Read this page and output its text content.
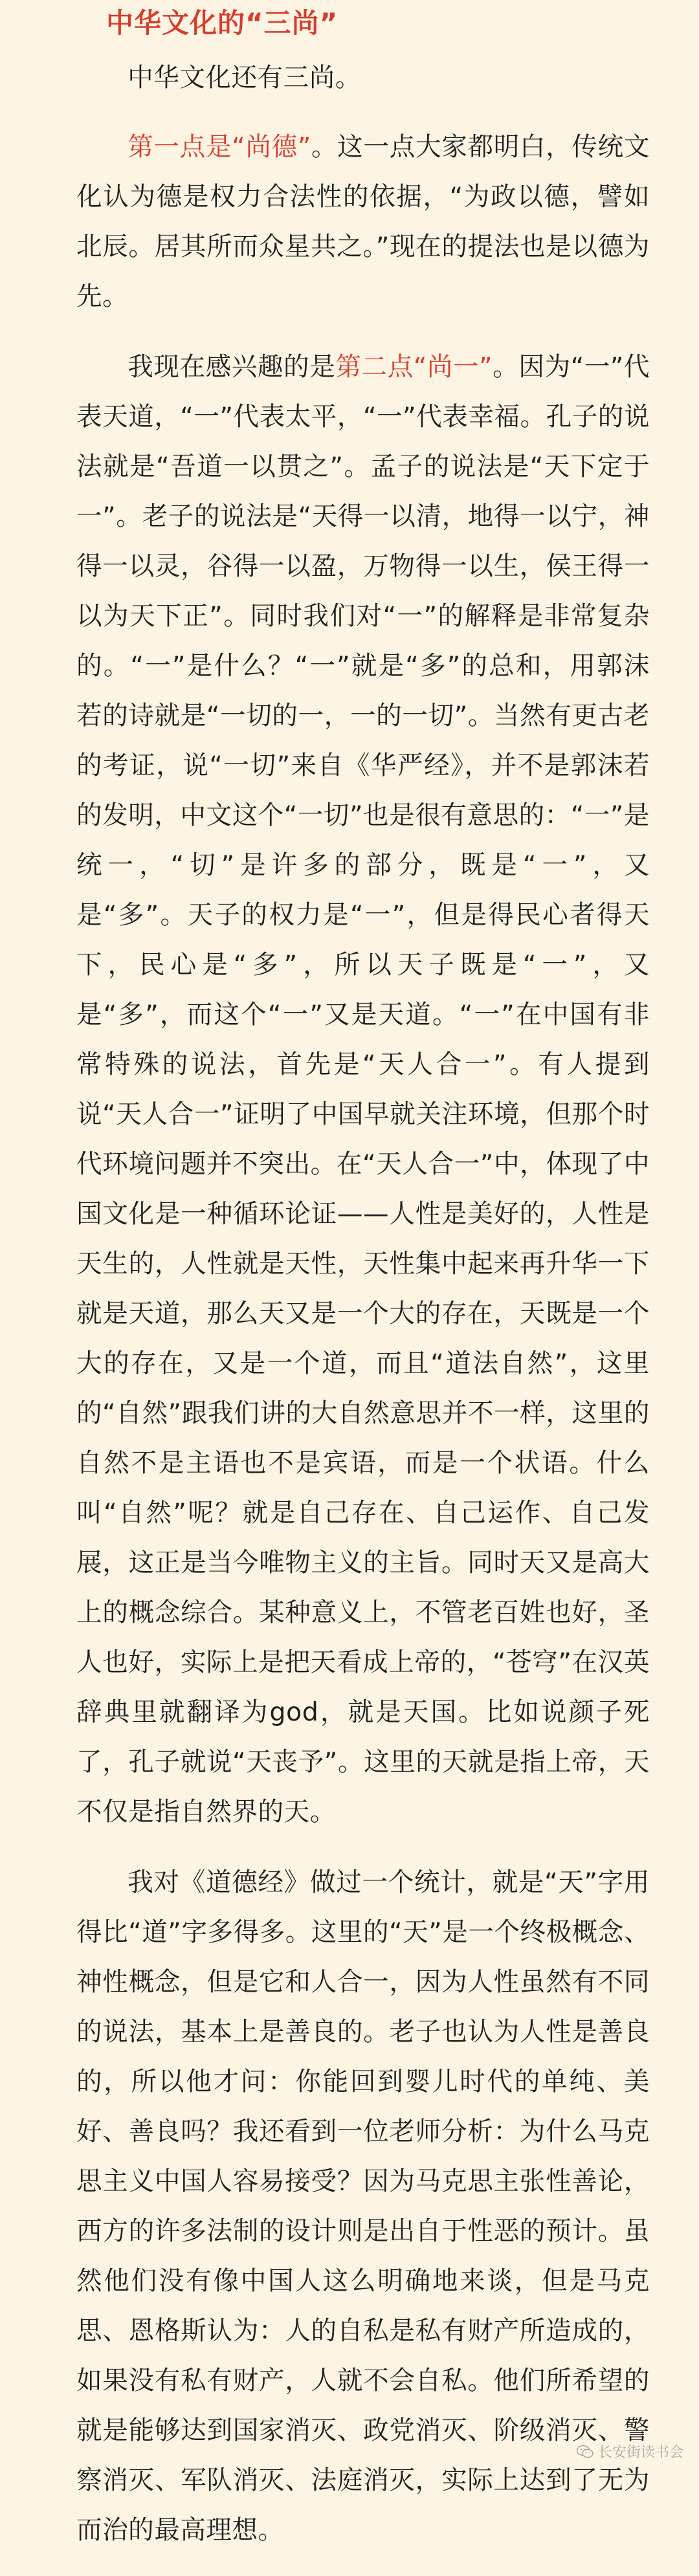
中华文化的“三尚”

中华文化还有三尚。

第一点是“尚德”。这一点大家都明白，传统文化认为德是权力合法性的依据，“为政以德，譬如北辰。居其所而众星共之。”现在的提法也是以德为先。

我现在感兴趣的是第二点“尚一”。因为“一”代表天道，“一”代表太平，“一”代表幸福。孔子的说法就是“吾道一以贯之”。孟子的说法是“天下定于一”。老子的说法是“天得一以清，地得一以宁，神得一以灵，谷得一以盈，万物得一以生，侯王得一以为天下正”。同时我们对“一”的解释是非常复杂的。“一”是什么？“一”就是“多”的总和，用郭沫若的诗就是“一切的一，一的一切”。当然有更古老的考证，说“一切”来自《华严经》，并不是郭沫若的发明，中文这个“一切”也是很有意思的：“一”是统一，“切”是许多的部分，既是“一”，又是“多”。天子的权力是“一”，但是得民心者得天下，民心是“多”，所以天子既是“一”，又是“多”，而这个“一”又是天道。“一”在中国有非常特殊的说法，首先是“天人合一”。有人提到说“天人合一”证明了中国早就关注环境，但那个时代环境问题并不突出。在“天人合一”中，体现了中国文化是一种循环论证——人性是美好的，人性是天生的，人性就是天性，天性集中起来再升华一下就是天道，那么天又是一个大的存在，天既是一个大的存在，又是一个道，而且“道法自然”，这里的“自然”跟我们讲的大自然意思并不一样，这里的自然不是主语也不是宾语，而是一个状语。什么叫“自然”呢？就是自己存在、自己运作、自己发展，这正是当今唯物主义的主旨。同时天又是高大上的概念综合。某种意义上，不管老百姓也好，圣人也好，实际上是把天看成上帝的，“苍穹”在汉英辞典里就翻译为god，就是天国。比如说颜子死了，孔子就说“天丧予”。这里的天就是指上帝，天不仅是指自然界的天。

我对《道德经》做过一个统计，就是“天”字用得比“道”字多得多。这里的“天”是一个终极概念、神性概念，但是它和人合一，因为人性虽然有不同的说法，基本上是善良的。老子也认为人性是善良的，所以他才问：你能回到婴儿时代的单纯、美好、善良吗？我还看到一位老师分析：为什么马克思主义中国人容易接受？因为马克思主张性善论，西方的许多法制的设计则是出自于性恶的预计。虽然他们没有像中国人这么明确地来谈，但是马克思、恩格斯认为：人的自私是私有财产所造成的，如果没有私有财产，人就不会自私。他们所希望的就是能够达到国家消灭、政党消灭、阶级消灭、警察消灭、军队消灭、法庭消灭，实际上达到了无为而治的最高理想。

长安街读书会
